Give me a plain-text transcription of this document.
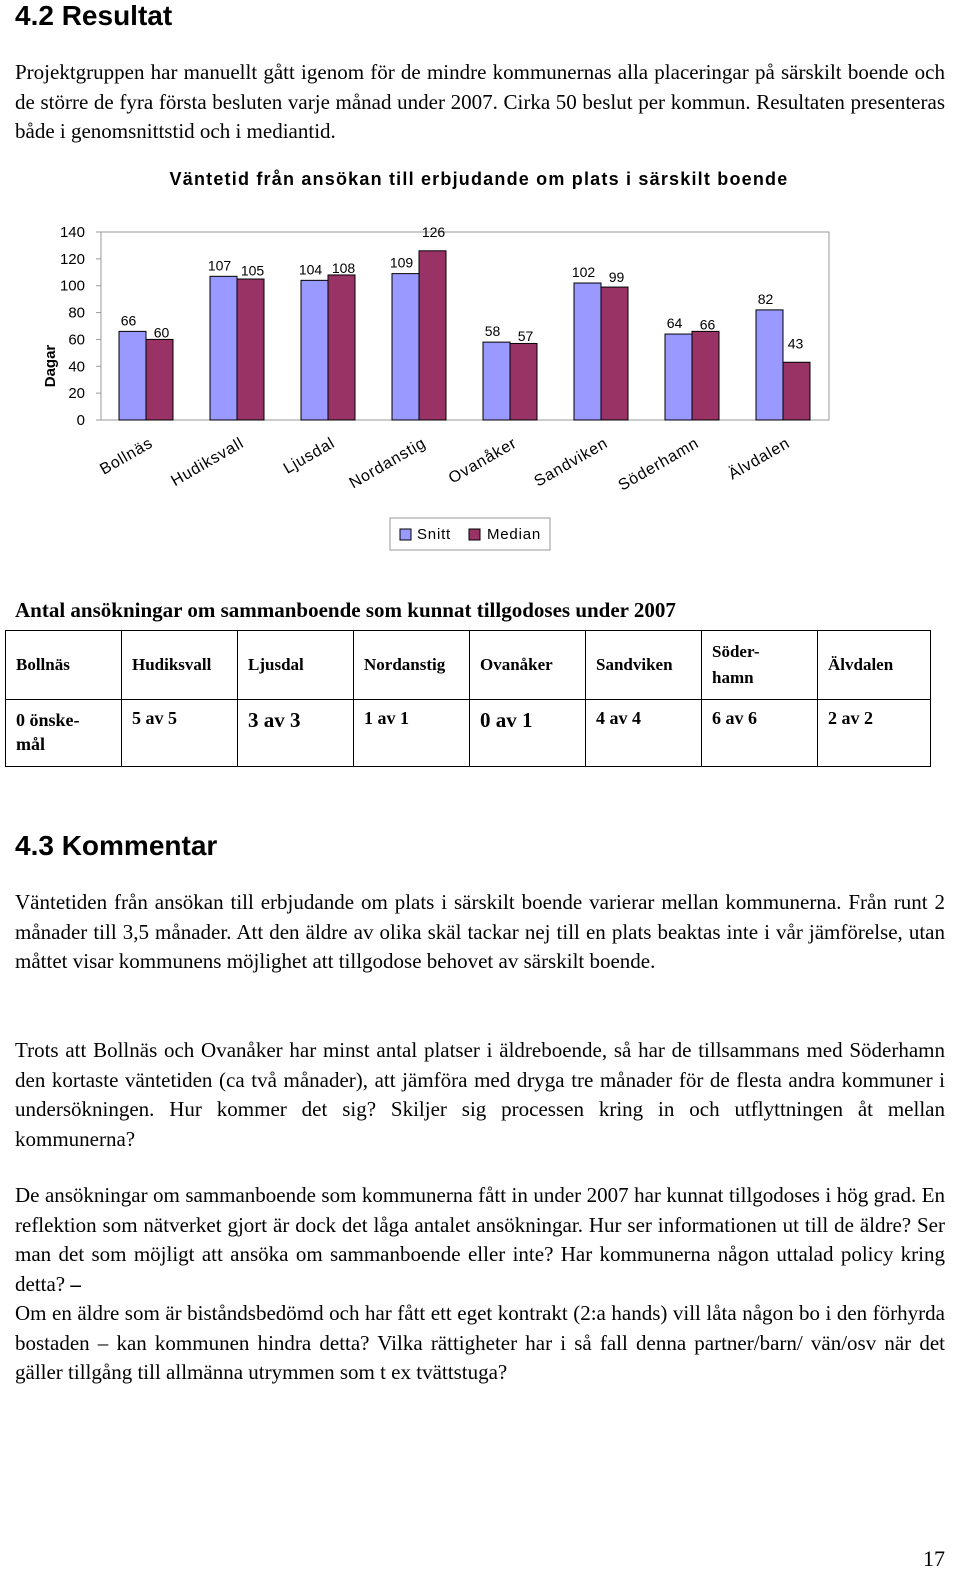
4.2 Resultat

Projektgruppen har manuellt gått igenom för de mindre kommunernas alla placeringar på särskilt boende och de större de fyra första besluten varje månad under 2007. Cirka 50 beslut per kommun. Resultaten presenteras både i genomsnittstid och i mediantid.

Väntetid från ansökan till erbjudande om plats i särskilt boende
Dagar
0
20
40
60
80
100
120
140
66
60
107 105 104 108 109
126
58 57
102 99
64 66
82
43
Bollnäs Hudiksvall Ljusdal Nordanstig Ovanåker Sandviken Söderhamn Älvdalen
Snitt Median

Antal ansökningar om sammanboende som kunnat tillgodoses under 2007

Bollnäs	Hudiksvall	Ljusdal	Nordanstig	Ovanåker	Sandviken	Söder-
hamn	Älvdalen
0 önske-
mål	5 av 5	3 av 3	1 av 1	0 av 1	4 av 4	6 av 6	2 av 2
4.3 Kommentar

Väntetiden från ansökan till erbjudande om plats i särskilt boende varierar mellan kommunerna. Från runt 2 månader till 3,5 månader. Att den äldre av olika skäl tackar nej till en plats beaktas inte i vår jämförelse, utan måttet visar kommunens möjlighet att tillgodose behovet av särskilt boende.

Trots att Bollnäs och Ovanåker har minst antal platser i äldreboende, så har de tillsammans med Söderhamn den kortaste väntetiden (ca två månader), att jämföra med dryga tre månader för de flesta andra kommuner i undersökningen. Hur kommer det sig? Skiljer sig processen kring in och utflyttningen åt mellan kommunerna?

De ansökningar om sammanboende som kommunerna fått in under 2007 har kunnat tillgodoses i hög grad. En reflektion som nätverket gjort är dock det låga antalet ansökningar. Hur ser informationen ut till de äldre? Ser man det som möjligt att ansöka om sammanboende eller inte? Har kommunerna någon uttalad policy kring detta? –

Om en äldre som är biståndsbedömd och har fått ett eget kontrakt (2:a hands) vill låta någon bo i den förhyrda bostaden – kan kommunen hindra detta? Vilka rättigheter har i så fall denna partner/barn/ vän/osv när det gäller tillgång till allmänna utrymmen som t ex tvättstuga?

17
